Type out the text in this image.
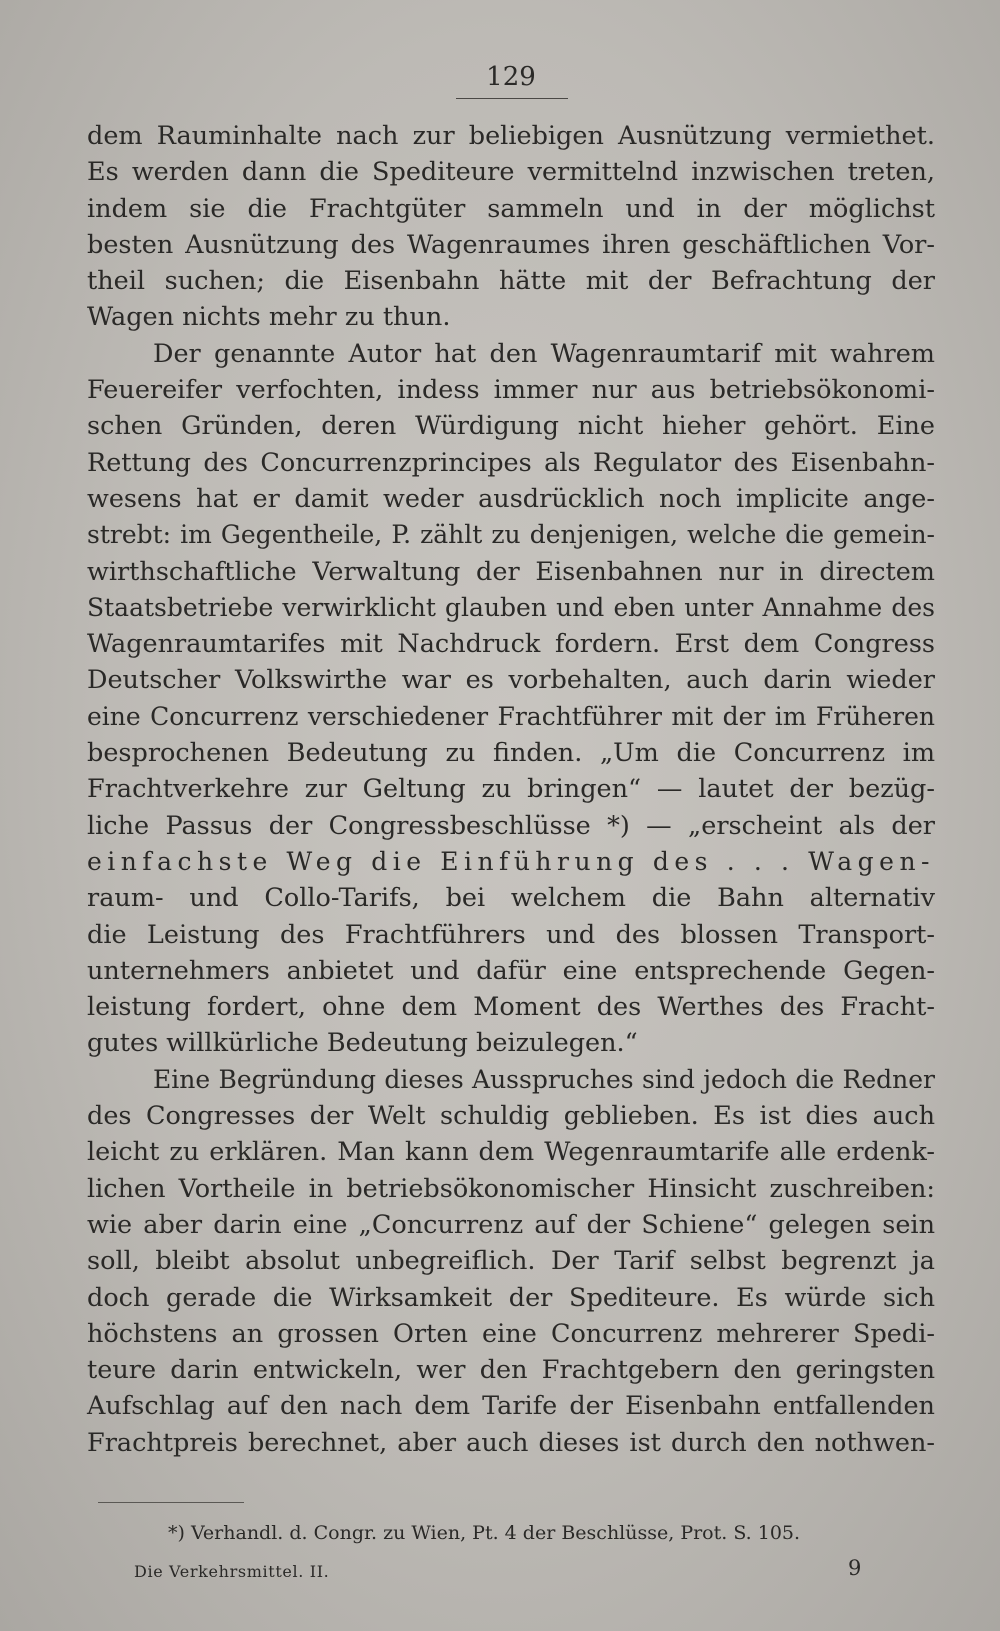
129
dem Rauminhalte nach zur beliebigen Ausnützung vermiethet.
Es werden dann die Spediteure vermittelnd inzwischen treten,
indem sie die Frachtgüter sammeln und in der möglichst
besten Ausnützung des Wagenraumes ihren geschäftlichen Vor-
theil suchen; die Eisenbahn hätte mit der Befrachtung der
Wagen nichts mehr zu thun.
Der genannte Autor hat den Wagenraumtarif mit wahrem
Feuereifer verfochten, indess immer nur aus betriebsökonomi-
schen Gründen, deren Würdigung nicht hieher gehört. Eine
Rettung des Concurrenzprincipes als Regulator des Eisenbahn-
wesens hat er damit weder ausdrücklich noch implicite ange-
strebt: im Gegentheile, P. zählt zu denjenigen, welche die gemein-
wirthschaftliche Verwaltung der Eisenbahnen nur in directem
Staatsbetriebe verwirklicht glauben und eben unter Annahme des
Wagenraumtarifes mit Nachdruck fordern. Erst dem Congress
Deutscher Volkswirthe war es vorbehalten, auch darin wieder
eine Concurrenz verschiedener Frachtführer mit der im Früheren
besprochenen Bedeutung zu finden. „Um die Concurrenz im
Frachtverkehre zur Geltung zu bringen“ — lautet der bezüg-
liche Passus der Congressbeschlüsse *) — „erscheint als der
einfachste Weg die Einführung des . . . Wagen-
raum- und Collo-Tarifs, bei welchem die Bahn alternativ
die Leistung des Frachtführers und des blossen Transport-
unternehmers anbietet und dafür eine entsprechende Gegen-
leistung fordert, ohne dem Moment des Werthes des Fracht-
gutes willkürliche Bedeutung beizulegen.“
Eine Begründung dieses Ausspruches sind jedoch die Redner
des Congresses der Welt schuldig geblieben. Es ist dies auch
leicht zu erklären. Man kann dem Wegenraumtarife alle erdenk-
lichen Vortheile in betriebsökonomischer Hinsicht zuschreiben:
wie aber darin eine „Concurrenz auf der Schiene“ gelegen sein
soll, bleibt absolut unbegreiflich. Der Tarif selbst begrenzt ja
doch gerade die Wirksamkeit der Spediteure. Es würde sich
höchstens an grossen Orten eine Concurrenz mehrerer Spedi-
teure darin entwickeln, wer den Frachtgebern den geringsten
Aufschlag auf den nach dem Tarife der Eisenbahn entfallenden
Frachtpreis berechnet, aber auch dieses ist durch den nothwen-
*) Verhandl. d. Congr. zu Wien, Pt. 4 der Beschlüsse, Prot. S. 105.
Die Verkehrsmittel. II.	9
